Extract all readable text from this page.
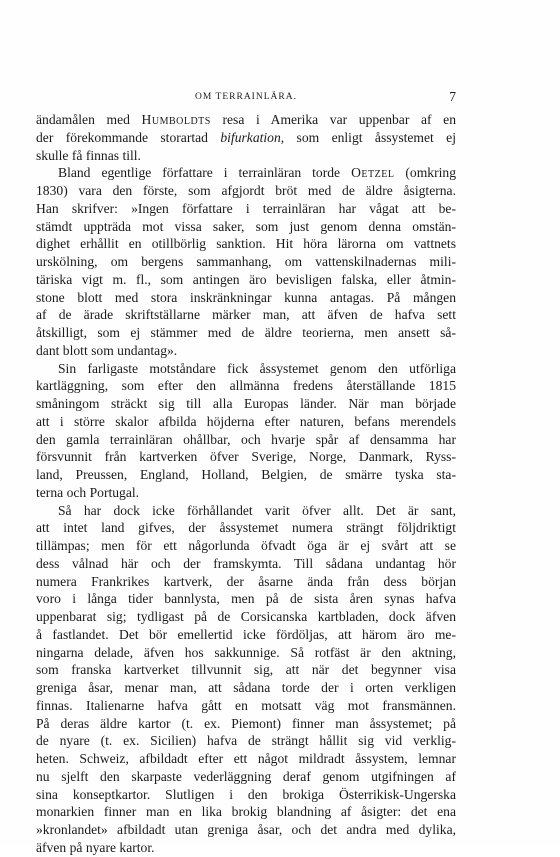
OM TERRAINLÄRA.	7
ändamålen med Humboldts resa i Amerika var uppenbar af en
der förekommande storartad bifurkation, som enligt åssystemet ej
skulle få finnas till.
Bland egentlige författare i terrainläran torde Oetzel (omkring
1830) vara den förste, som afgjordt bröt med de äldre åsigterna.
Han skrifver: »Ingen författare i terrainläran har vågat att be-
stämdt uppträda mot vissa saker, som just genom denna omstän-
dighet erhållit en otillbörlig sanktion. Hit höra lärorna om vattnets
urskölning, om bergens sammanhang, om vattenskilnadernas mili-
täriska vigt m. fl., som antingen äro bevisligen falska, eller åtmin-
stone blott med stora inskränkningar kunna antagas. På mången
af de ärade skriftställarne märker man, att äfven de hafva sett
åtskilligt, som ej stämmer med de äldre teorierna, men ansett så-
dant blott som undantag».
Sin farligaste motståndare fick åssystemet genom den utförliga
kartläggning, som efter den allmänna fredens återställande 1815
småningom sträckt sig till alla Europas länder. När man började
att i större skalor afbilda höjderna efter naturen, befans merendels
den gamla terrainläran ohållbar, och hvarje spår af densamma har
försvunnit från kartverken öfver Sverige, Norge, Danmark, Ryss-
land, Preussen, England, Holland, Belgien, de smärre tyska sta-
terna och Portugal.
Så har dock icke förhållandet varit öfver allt. Det är sant,
att intet land gifves, der åssystemet numera strängt följdriktigt
tillämpas; men för ett någorlunda öfvadt öga är ej svårt att se
dess vålnad här och der framskymta. Till sådana undantag hör
numera Frankrikes kartverk, der åsarne ända från dess början
voro i långa tider bannlysta, men på de sista åren synas hafva
uppenbarat sig; tydligast på de Corsicanska kartbladen, dock äfven
å fastlandet. Det bör emellertid icke fördöljas, att härom äro me-
ningarna delade, äfven hos sakkunnige. Så rotfäst är den aktning,
som franska kartverket tillvunnit sig, att när det begynner visa
greniga åsar, menar man, att sådana torde der i orten verkligen
finnas. Italienarne hafva gått en motsatt väg mot fransmännen.
På deras äldre kartor (t. ex. Piemont) finner man åssystemet; på
de nyare (t. ex. Sicilien) hafva de strängt hållit sig vid verklig-
heten. Schweiz, afbildadt efter ett något mildradt åssystem, lemnar
nu sjelft den skarpaste vederläggning deraf genom utgifningen af
sina konseptkartor. Slutligen i den brokiga Österrikisk-Ungerska
monarkien finner man en lika brokig blandning af åsigter: det ena
»kronlandet» afbildadt utan greniga åsar, och det andra med dylika,
äfven på nyare kartor.
